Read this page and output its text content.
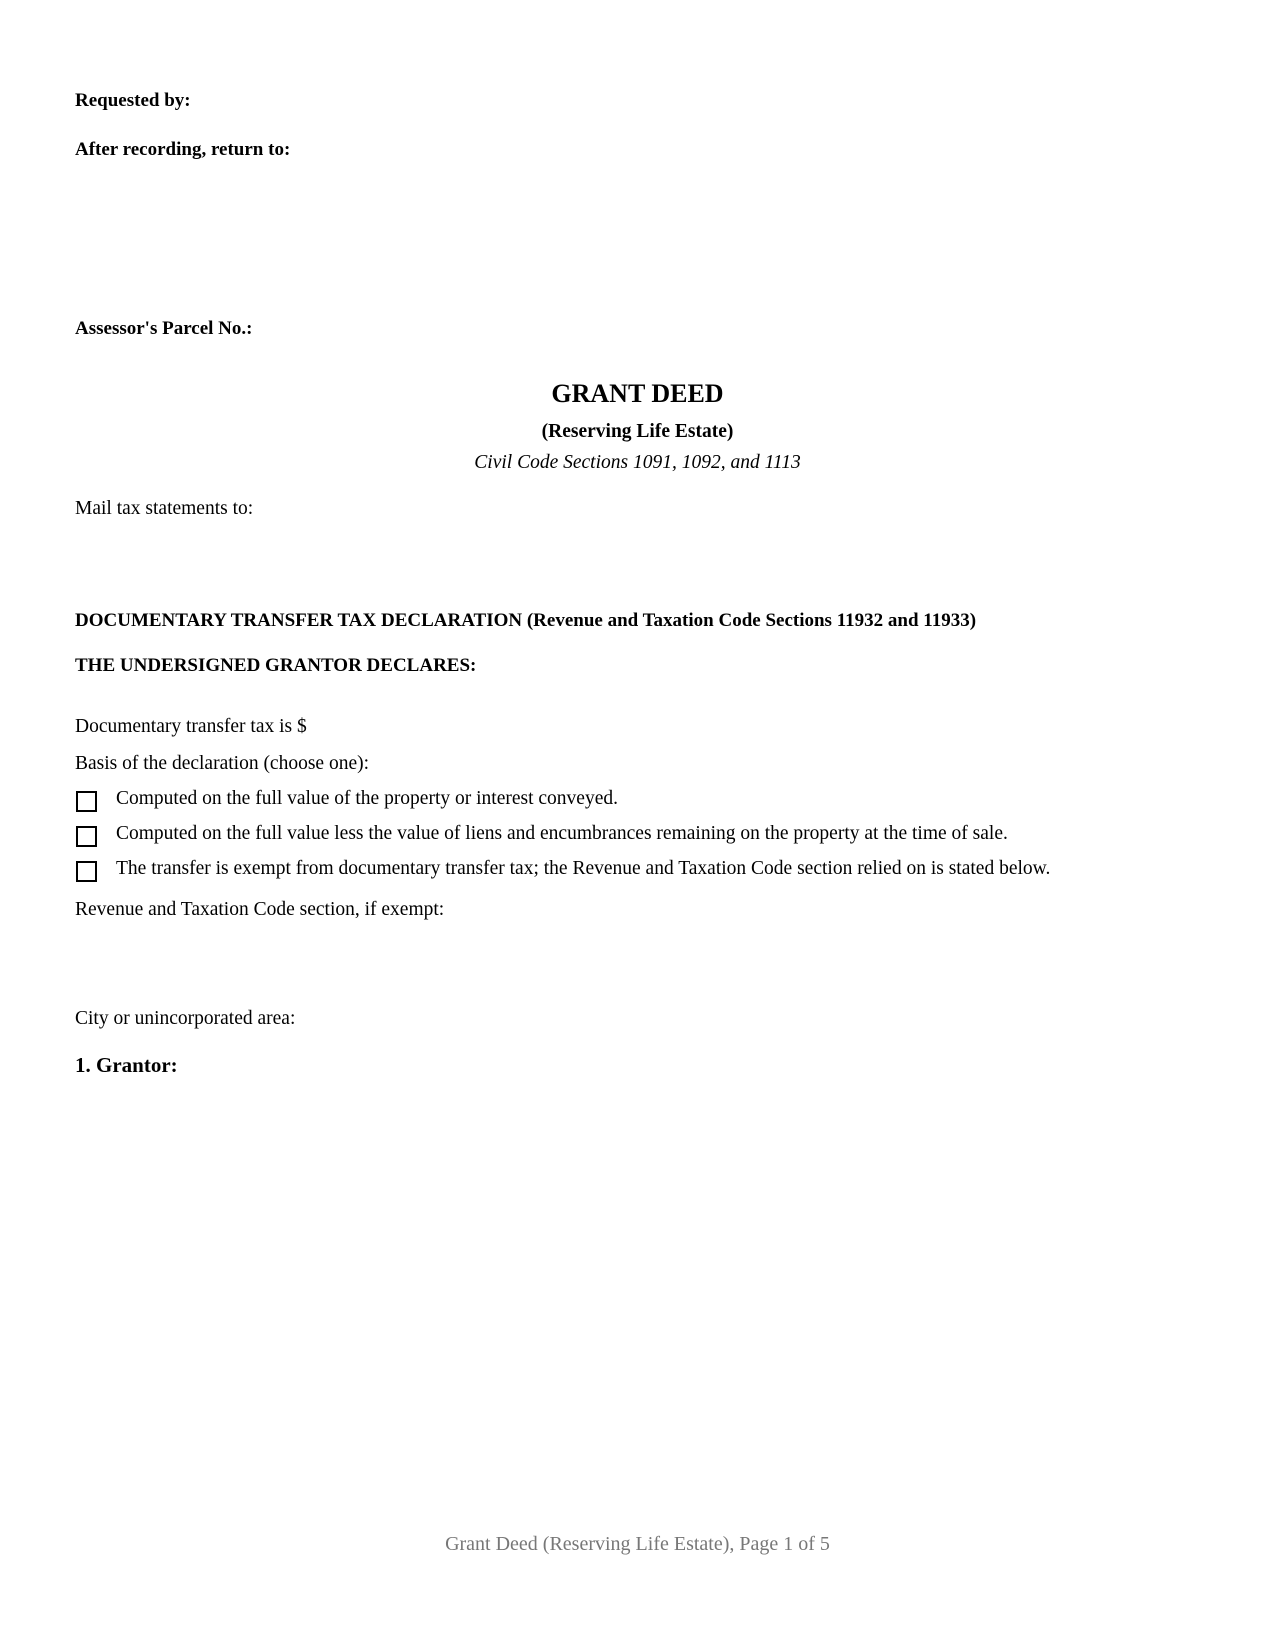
Requested by:
After recording, return to:
Assessor's Parcel No.:
GRANT DEED
(Reserving Life Estate)
Civil Code Sections 1091, 1092, and 1113
Mail tax statements to:
DOCUMENTARY TRANSFER TAX DECLARATION (Revenue and Taxation Code Sections 11932 and 11933)
THE UNDERSIGNED GRANTOR DECLARES:
Documentary transfer tax is $
Basis of the declaration (choose one):
Computed on the full value of the property or interest conveyed.
Computed on the full value less the value of liens and encumbrances remaining on the property at the time of sale.
The transfer is exempt from documentary transfer tax; the Revenue and Taxation Code section relied on is stated below.
Revenue and Taxation Code section, if exempt:
City or unincorporated area:
1. Grantor:
Grant Deed (Reserving Life Estate), Page 1 of 5
